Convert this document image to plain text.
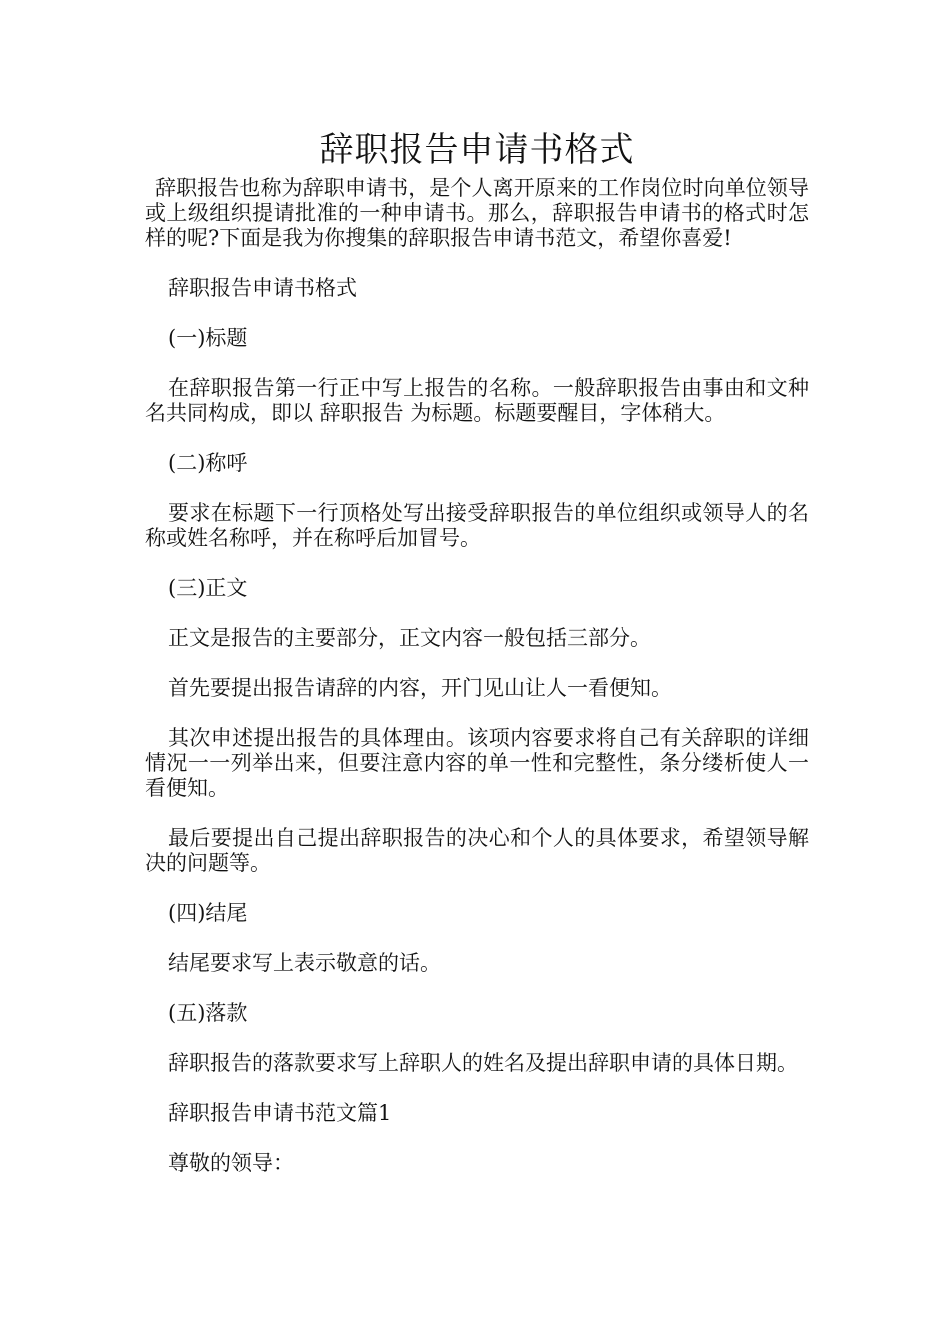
辞职报告申请书格式

辞职报告也称为辞职申请书，是个人离开原来的工作岗位时向单位领导或上级组织提请批准的一种申请书。那么，辞职报告申请书的格式时怎样的呢?下面是我为你搜集的辞职报告申请书范文，希望你喜爱!

辞职报告申请书格式

(一)标题

在辞职报告第一行正中写上报告的名称。一般辞职报告由事由和文种名共同构成，即以 辞职报告 为标题。标题要醒目，字体稍大。

(二)称呼

要求在标题下一行顶格处写出接受辞职报告的单位组织或领导人的名称或姓名称呼，并在称呼后加冒号。

(三)正文

正文是报告的主要部分，正文内容一般包括三部分。

首先要提出报告请辞的内容，开门见山让人一看便知。

其次申述提出报告的具体理由。该项内容要求将自己有关辞职的详细情况一一列举出来，但要注意内容的单一性和完整性，条分缕析使人一看便知。

最后要提出自己提出辞职报告的决心和个人的具体要求，希望领导解决的问题等。

(四)结尾

结尾要求写上表示敬意的话。

(五)落款

辞职报告的落款要求写上辞职人的姓名及提出辞职申请的具体日期。

辞职报告申请书范文篇1

尊敬的领导：
